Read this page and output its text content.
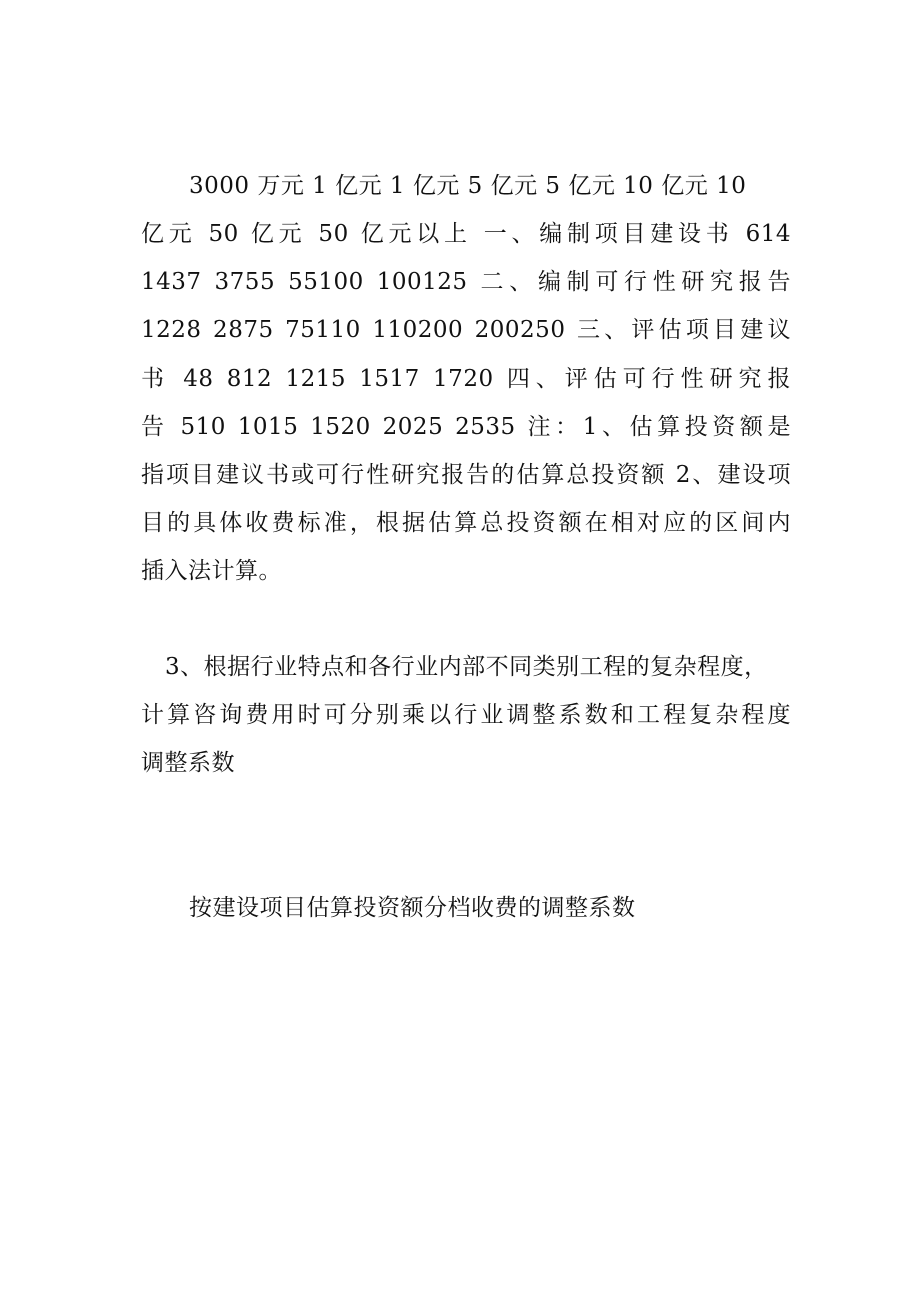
3000 万元 1 亿元 1 亿元 5 亿元 5 亿元 10 亿元 10
亿元 50 亿元 50 亿元以上 一、编制项目建设书 614
1437 3755 55100 100125 二、编制可行性研究报告
1228 2875 75110 110200 200250 三、评估项目建议
书 48 812 1215 1517 1720 四、评估可行性研究报
告 510 1015 1520 2025 2535 注：1、估算投资额是
指项目建议书或可行性研究报告的估算总投资额 2、建设项
目的具体收费标准，根据估算总投资额在相对应的区间内
插入法计算。
3、根据行业特点和各行业内部不同类别工程的复杂程度，
计算咨询费用时可分别乘以行业调整系数和工程复杂程度
调整系数
按建设项目估算投资额分档收费的调整系数
